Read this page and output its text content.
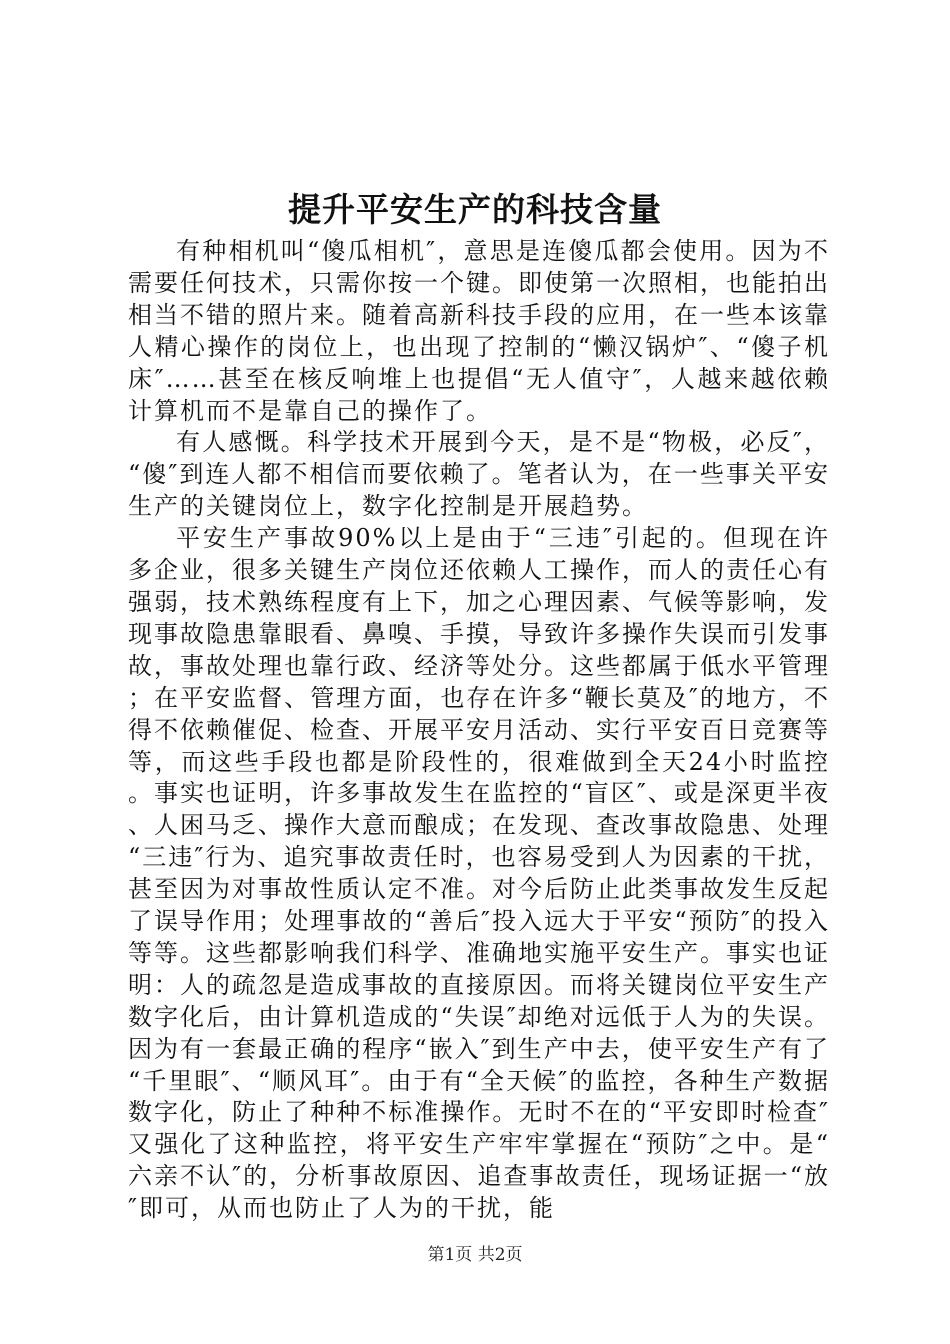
提升平安生产的科技含量

有种相机叫“傻瓜相机″，意思是连傻瓜都会使用。因为不需要任何技术，只需你按一个键。即使第一次照相，也能拍出相当不错的照片来。随着高新科技手段的应用，在一些本该靠人精心操作的岗位上，也出现了控制的“懒汉锅炉″、“傻子机床″……甚至在核反响堆上也提倡“无人值守″，人越来越依赖计算机而不是靠自己的操作了。

有人感慨。科学技术开展到今天，是不是“物极，必反″，“傻″到连人都不相信而要依赖了。笔者认为，在一些事关平安生产的关键岗位上，数字化控制是开展趋势。

平安生产事故90%以上是由于“三违″引起的。但现在许多企业，很多关键生产岗位还依赖人工操作，而人的责任心有强弱，技术熟练程度有上下，加之心理因素、气候等影响，发现事故隐患靠眼看、鼻嗅、手摸，导致许多操作失误而引发事故，事故处理也靠行政、经济等处分。这些都属于低水平管理；在平安监督、管理方面，也存在许多“鞭长莫及″的地方，不得不依赖催促、检查、开展平安月活动、实行平安百日竞赛等等，而这些手段也都是阶段性的，很难做到全天24小时监控。事实也证明，许多事故发生在监控的“盲区″、或是深更半夜、人困马乏、操作大意而酿成；在发现、查改事故隐患、处理“三违″行为、追究事故责任时，也容易受到人为因素的干扰，甚至因为对事故性质认定不准。对今后防止此类事故发生反起了误导作用；处理事故的“善后″投入远大于平安“预防″的投入等等。这些都影响我们科学、准确地实施平安生产。事实也证明：人的疏忽是造成事故的直接原因。而将关键岗位平安生产数字化后，由计算机造成的“失误″却绝对远低于人为的失误。因为有一套最正确的程序“嵌入″到生产中去，使平安生产有了“千里眼″、“顺风耳″。由于有“全天候″的监控，各种生产数据数字化，防止了种种不标准操作。无时不在的“平安即时检查″又强化了这种监控，将平安生产牢牢掌握在“预防″之中。是“六亲不认″的，分析事故原因、追查事故责任，现场证据一“放″即可，从而也防止了人为的干扰，能

第1页 共2页
